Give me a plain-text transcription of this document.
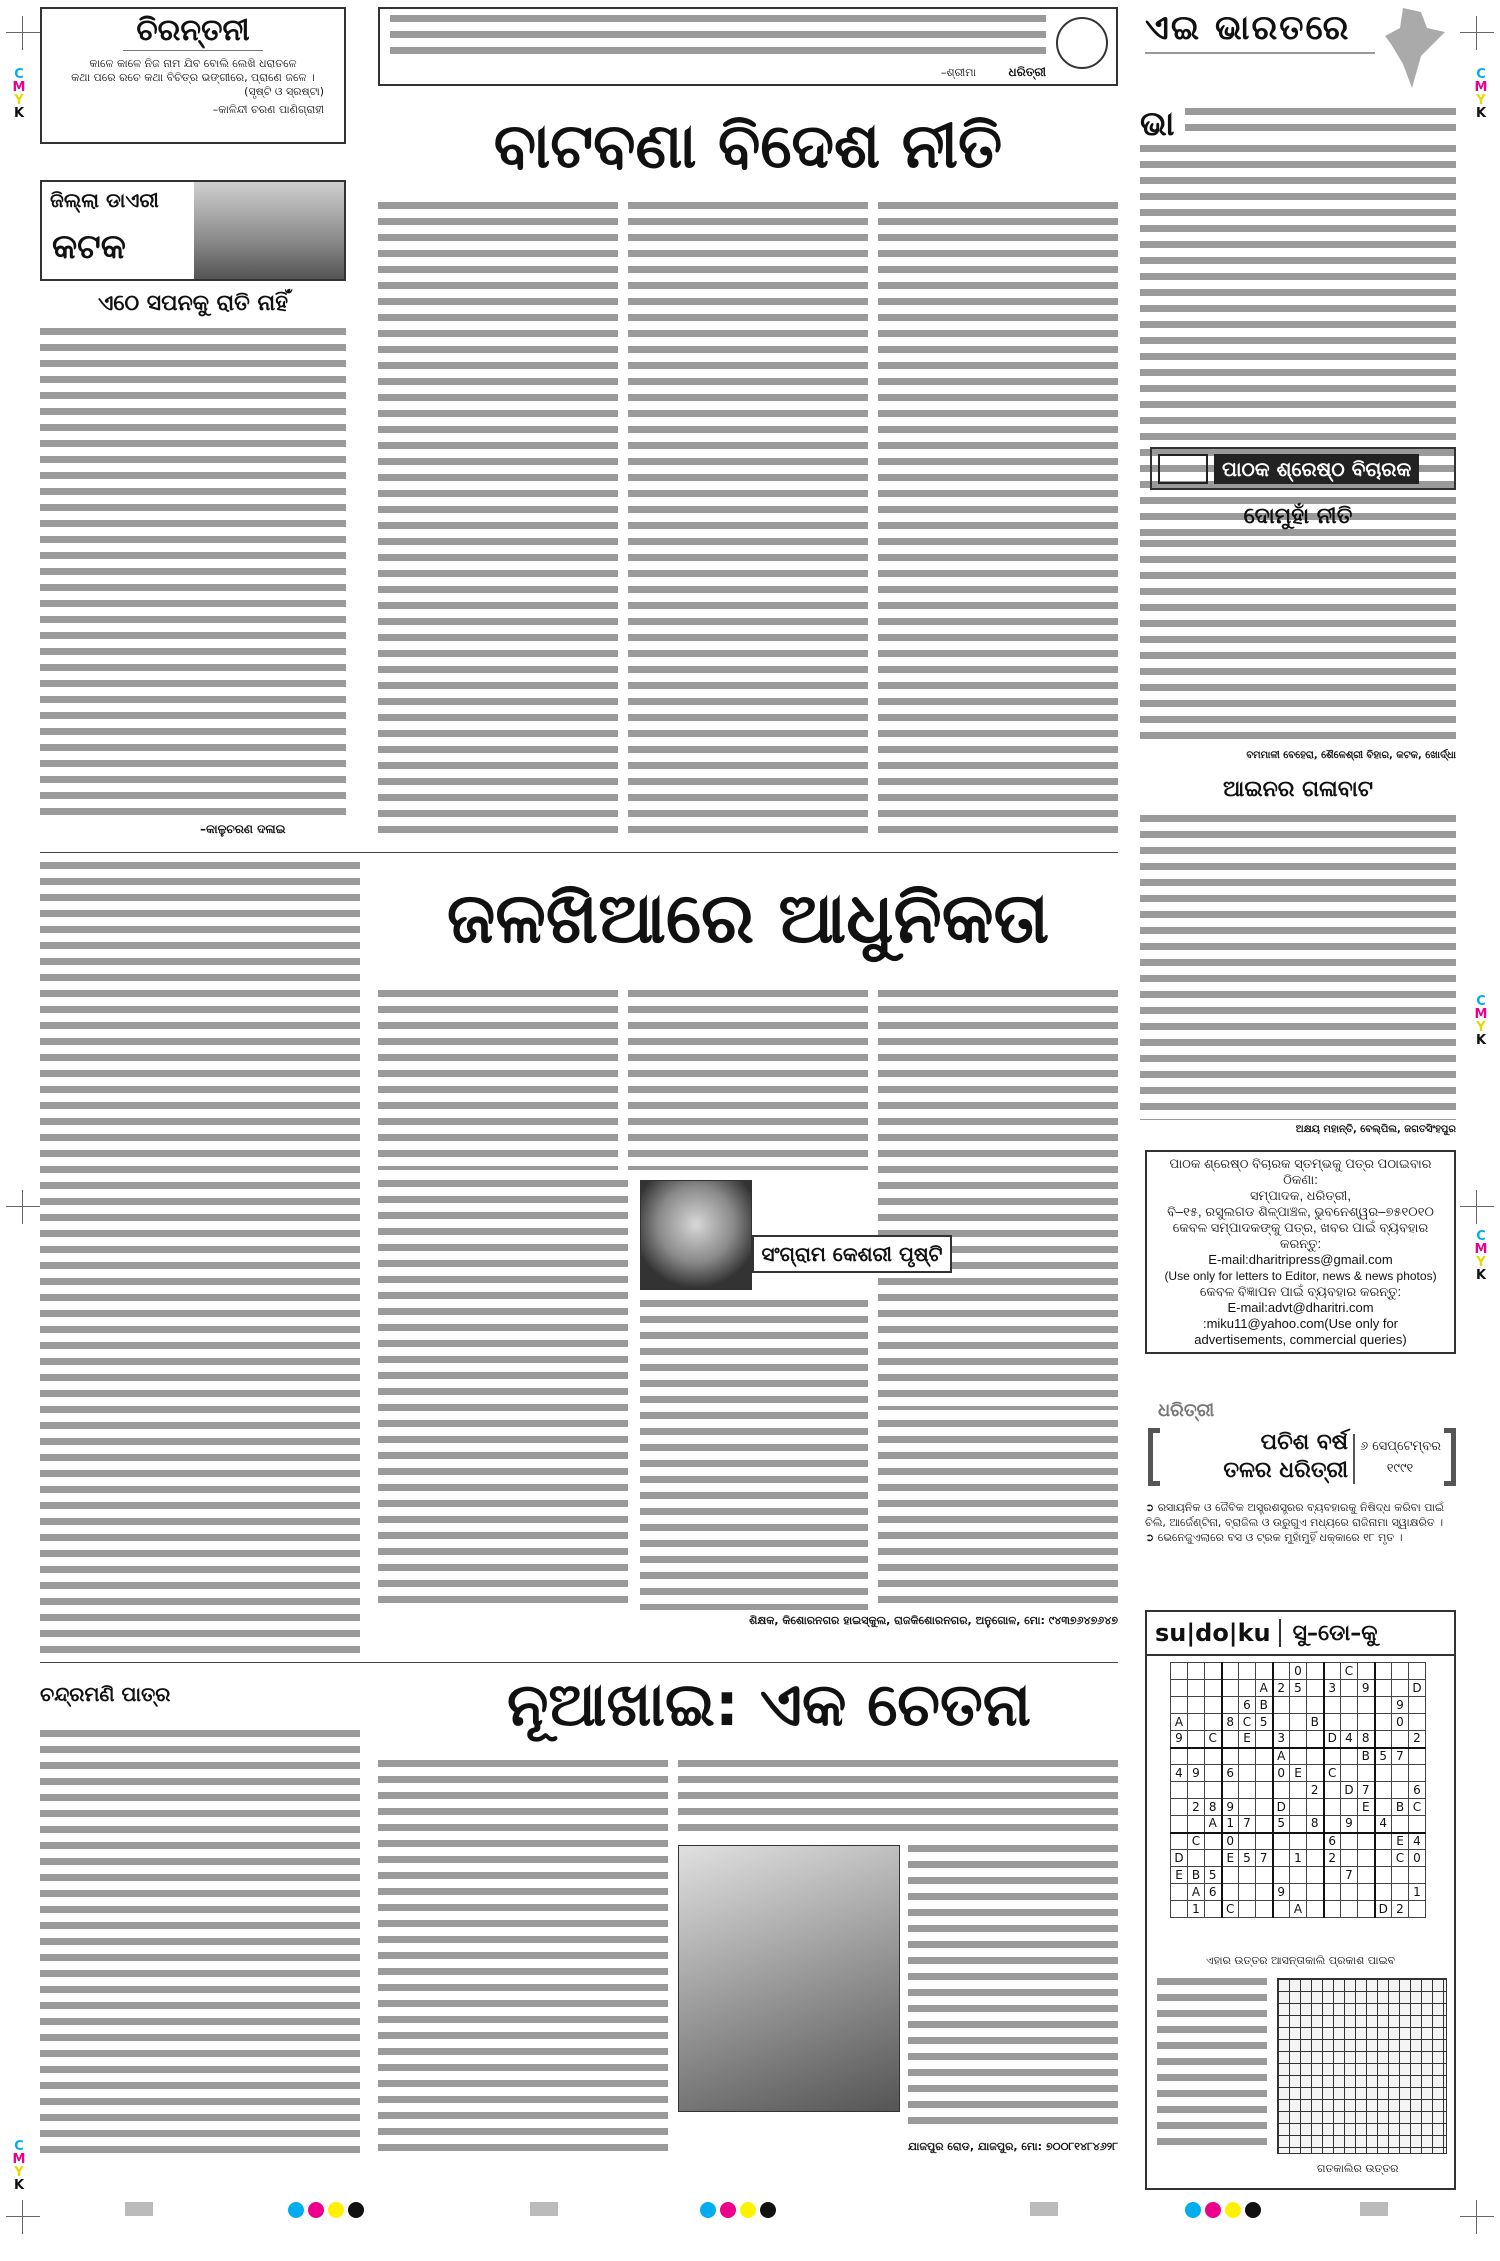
C
M
Y
K
C
M
Y
K
C
M
Y
K
C
M
Y
K
C
M
Y
K
ଚିରନ୍ତନୀ
କାଳେ କାଳେ ନିଜ ନାମ ଯିବ ବୋଲି ଲେଖି ଧରାତଳେ
କଥା ପରେ ରଚେ କଥା ବିଚିତ୍ର ଭଙ୍ଗୀରେ, ପ୍ରାଣେ ଜଳେ ।
(ସୃଷ୍ଟି ଓ ସ୍ରଷ୍ଟା)
–କାଳିନ୍ଦୀ ଚରଣ ପାଣିଗ୍ରାହୀ
–ଶ୍ରୀମା	ଧରିତ୍ରୀ
ବାଟବଣା ବିଦେଶ ନୀତି
ଜିଲ୍ଲା ଡାଏରୀ
କଟକ
ଏଠେ ସପନକୁ ରାତି ନାହିଁ
–କାଳୁଚରଣ ଦଳାଇ
ଏଇ ଭାରତରେ
ଭା
ପାଠକ ଶ୍ରେଷ୍ଠ ବିଚାରକ
ଦୋମୁହାଁ ନୀତି
ବମମାଳୀ ବେହେରା, ଶୈଳେଶ୍ରୀ ବିହାର, କଟକ, ଖୋର୍ଦ୍ଧା
ଆଇନର ଗଳାବାଟ
ଅକ୍ଷୟ ମହାନ୍ତି, ବେଲ୍‌ପିଲ, ଜଗତସିଂହପୁର
ପାଠକ ଶ୍ରେଷ୍ଠ ବିଚାରକ ସ୍ତମ୍ଭକୁ ପତ୍ର ପଠାଇବାର ଠିକଣା:
ସମ୍ପାଦକ, ଧରିତ୍ରୀ,
ବି–୧୫, ରସୁଲଗଡ ଶିଳ୍ପାଞ୍ଚଳ, ଭୁବନେଶ୍ୱର–୭୫୧୦୧୦
କେବଳ ସମ୍ପାଦକଙ୍କୁ ପତ୍ର, ଖବର ପାଇଁ ବ୍ୟବହାର କରନ୍ତୁ:
E-mail:dharitripress@gmail.com
(Use only for letters to Editor, news & news photos)
କେବଳ ବିଜ୍ଞାପନ ପାଇଁ ବ୍ୟବହାର କରନ୍ତୁ:
E-mail:advt@dharitri.com
:miku11@yahoo.com(Use only for
advertisements, commercial queries)
ଧରିତ୍ରୀ
ପଚିଶ ବର୍ଷ
ତଳର ଧରିତ୍ରୀ
୬ ସେପ୍ଟେମ୍ବର
୧୯୯୧
➲ ରସାୟନିକ ଓ ଜୈବିକ ଅସ୍ତ୍ରଶସ୍ତ୍ରର ବ୍ୟବହାରକୁ ନିଷିଦ୍ଧ କରିବା ପାଇଁ ଚିଲି, ଆର୍ଜେଣ୍ଟିନା, ବ୍ରାଜିଲ ଓ ଉରୁଗୁଏ ମଧ୍ୟରେ ରାଜିନାମା ସ୍ୱାକ୍ଷରିତ ।
➲ ଭେନେଜୁଏଲାରେ ବସ ଓ ଟ୍ରକ ମୁହାଁମୁହିଁ ଧକ୍କାରେ ୧୮ ମୃତ ।
su|do|ku	ସୁ–ଡୋ–କୁ
ଏହାର ଉତ୍ତର ଆସନ୍ତାକାଲି ପ୍ରକାଶ ପାଇବ
ଗତକାଲିର ଉତ୍ତର
							0			C				
					A	2	5		3		9			D
				6	B								9	
A			8	C	5			B					0	
9		C		E		3			D	4	8			2
						A					B	5	7	
4	9		6			0	E		C					
								2		D	7			6
	2	8	9			D					E		B	C
		A	1	7		5		8		9		4		
	C		0						6				E	4
D			E	5	7		1		2				C	0
E	B	5								7				
	A	6				9								1
	1		C				A					D	2	
ଜଳଖିଆରେ ଆଧୁନିକତା
ସଂଗ୍ରାମ କେଶରୀ ପୃଷ୍ଟି
ଶିକ୍ଷକ, କିଶୋରନଗର ହାଇସ୍କୁଲ, ରାଜକିଶୋରନଗର, ଅନୁଗୋଳ, ମୋ: ୯୪୩୭୬୪୭୬୪୭
ଚନ୍ଦ୍ରମଣି ପାତ୍ର	ନୂଆଖାଇ: ଏକ ଚେତନା
ଯାଜପୁର ରୋଡ, ଯାଜପୁର, ମୋ: ୭୦୦୮୧୪୮୪୬୨୮
